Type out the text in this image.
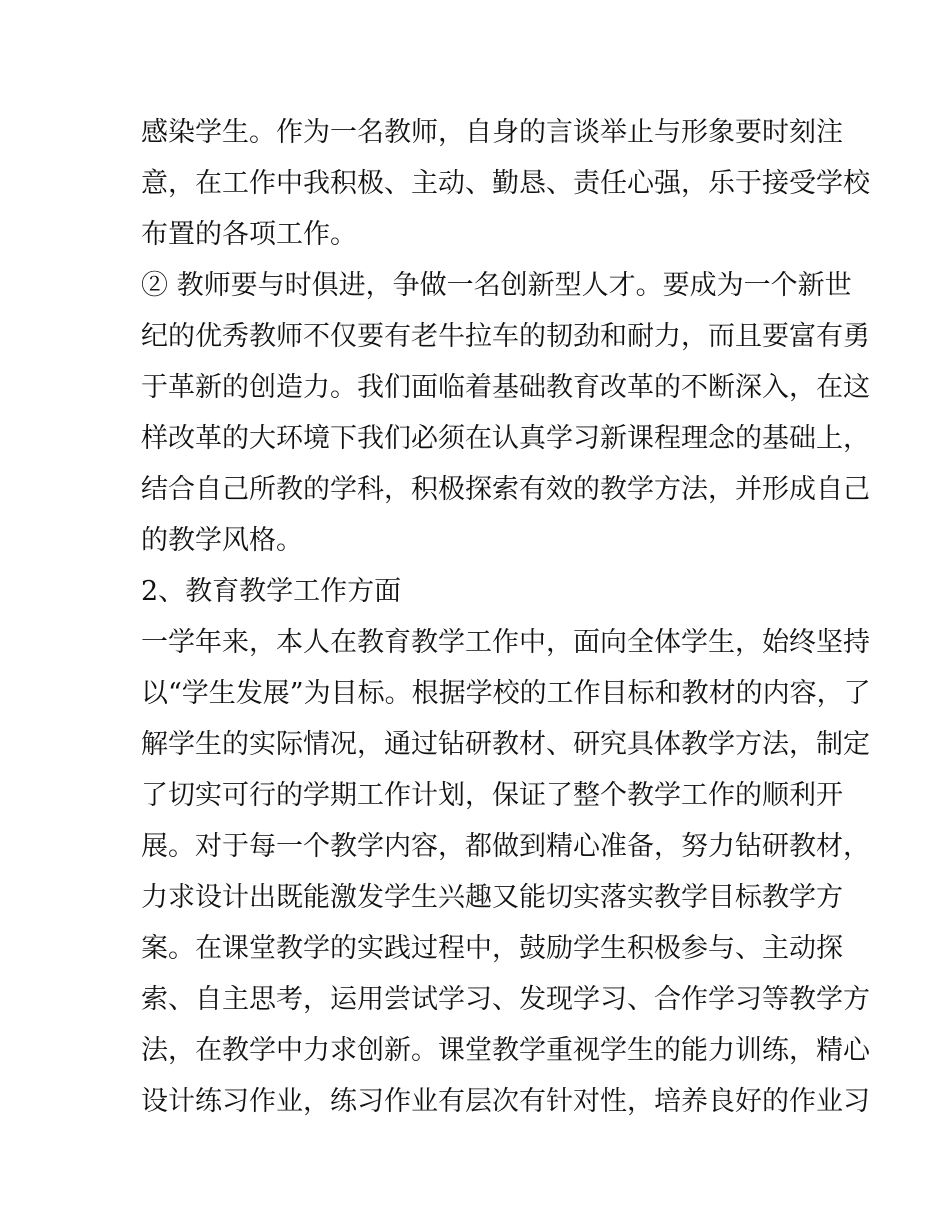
感染学生。作为一名教师，自身的言谈举止与形象要时刻注
意，在工作中我积极、主动、勤恳、责任心强，乐于接受学校
布置的各项工作。
② 教师要与时俱进，争做一名创新型人才。要成为一个新世
纪的优秀教师不仅要有老牛拉车的韧劲和耐力，而且要富有勇
于革新的创造力。我们面临着基础教育改革的不断深入，在这
样改革的大环境下我们必须在认真学习新课程理念的基础上，
结合自己所教的学科，积极探索有效的教学方法，并形成自己
的教学风格。
2、教育教学工作方面
一学年来，本人在教育教学工作中，面向全体学生，始终坚持
以“学生发展”为目标。根据学校的工作目标和教材的内容，了
解学生的实际情况，通过钻研教材、研究具体教学方法，制定
了切实可行的学期工作计划，保证了整个教学工作的顺利开
展。对于每一个教学内容，都做到精心准备，努力钻研教材，
力求设计出既能激发学生兴趣又能切实落实教学目标教学方
案。在课堂教学的实践过程中，鼓励学生积极参与、主动探
索、自主思考，运用尝试学习、发现学习、合作学习等教学方
法，在教学中力求创新。课堂教学重视学生的能力训练，精心
设计练习作业，练习作业有层次有针对性，培养良好的作业习
